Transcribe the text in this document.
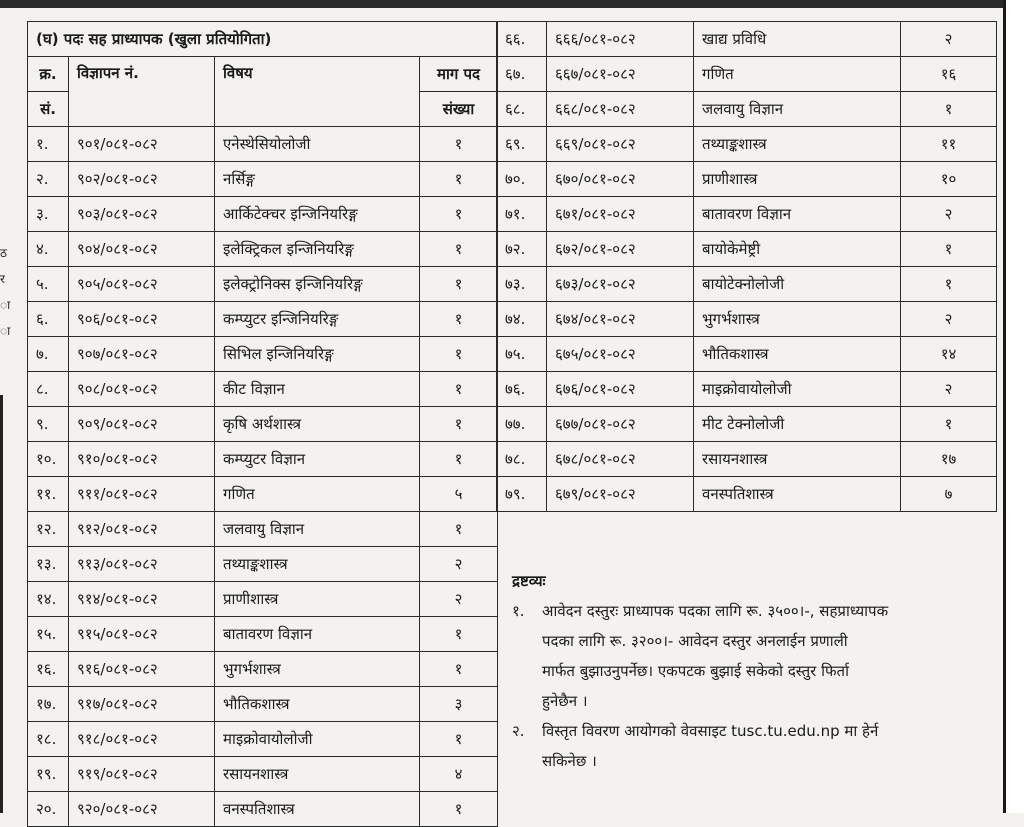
ठ
र
ा
ा
(घ) पदः सह प्राध्यापक (खुला प्रतियोगिता)			
क्र.	विज्ञापन नं.	विषय	माग पद
सं.			संख्या
१.	९०१/०८१-०८२	एनेस्थेसियोलोजी	१
२.	९०२/०८१-०८२	नर्सिङ्ग	१
३.	९०३/०८१-०८२	आर्किटेक्चर इन्जिनियरिङ्ग	१
४.	९०४/०८१-०८२	इलेक्ट्रिकल इन्जिनियरिङ्ग	१
५.	९०५/०८१-०८२	इलेक्ट्रोनिक्स इन्जिनियरिङ्ग	१
६.	९०६/०८१-०८२	कम्प्युटर इन्जिनियरिङ्ग	१
७.	९०७/०८१-०८२	सिभिल इन्जिनियरिङ्ग	१
८.	९०८/०८१-०८२	कीट विज्ञान	१
९.	९०९/०८१-०८२	कृषि अर्थशास्त्र	१
१०.	९१०/०८१-०८२	कम्प्युटर विज्ञान	१
११.	९११/०८१-०८२	गणित	५
१२.	९१२/०८१-०८२	जलवायु विज्ञान	१
१३.	९१३/०८१-०८२	तथ्याङ्कशास्त्र	२
१४.	९१४/०८१-०८२	प्राणीशास्त्र	२
१५.	९१५/०८१-०८२	बातावरण विज्ञान	१
१६.	९१६/०८१-०८२	भुगर्भशास्त्र	१
१७.	९१७/०८१-०८२	भौतिकशास्त्र	३
१८.	९१८/०८१-०८२	माइक्रोवायोलोजी	१
१९.	९१९/०८१-०८२	रसायनशास्त्र	४
२०.	९२०/०८१-०८२	वनस्पतिशास्त्र	१
६६.	६६६/०८१-०८२	खाद्य प्रविधि	२
६७.	६६७/०८१-०८२	गणित	१६
६८.	६६८/०८१-०८२	जलवायु विज्ञान	१
६९.	६६९/०८१-०८२	तथ्याङ्कशास्त्र	११
७०.	६७०/०८१-०८२	प्राणीशास्त्र	१०
७१.	६७१/०८१-०८२	बातावरण विज्ञान	२
७२.	६७२/०८१-०८२	बायोकेमेष्ट्री	१
७३.	६७३/०८१-०८२	बायोटेक्नोलोजी	१
७४.	६७४/०८१-०८२	भुगर्भशास्त्र	२
७५.	६७५/०८१-०८२	भौतिकशास्त्र	१४
७६.	६७६/०८१-०८२	माइक्रोवायोलोजी	२
७७.	६७७/०८१-०८२	मीट टेक्नोलोजी	१
७८.	६७८/०८१-०८२	रसायनशास्त्र	१७
७९.	६७९/०८१-०८२	वनस्पतिशास्त्र	७
द्रष्टव्यः
१.	आवेदन दस्तुरः प्राध्यापक पदका लागि रू. ३५००।-, सहप्राध्यापक
पदका लागि रू. ३२००।- आवेदन दस्तुर अनलाईन प्रणाली
मार्फत बुझाउनुपर्नेछ। एकपटक बुझाई सकेको दस्तुर फिर्ता
हुनेछैन ।
२.	विस्तृत विवरण आयोगको वेवसाइट tusc.tu.edu.np मा हेर्न
सकिनेछ ।
